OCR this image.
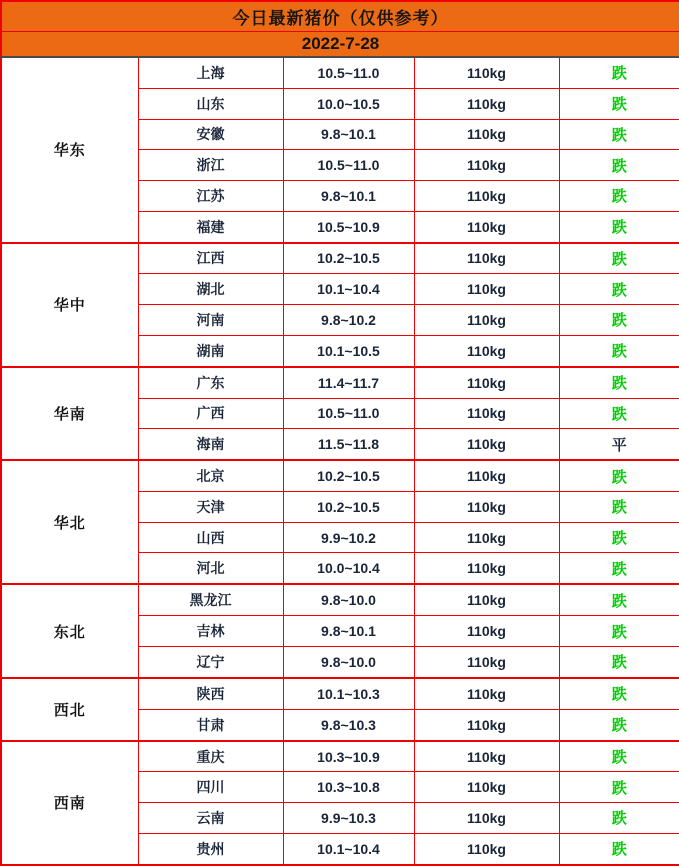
今日最新猪价（仅供参考）				
2022-7-28				
华东	上海	10.5~11.0	110kg	跌
	山东	10.0~10.5	110kg	跌
	安徽	9.8~10.1	110kg	跌
	浙江	10.5~11.0	110kg	跌
	江苏	9.8~10.1	110kg	跌
	福建	10.5~10.9	110kg	跌
华中	江西	10.2~10.5	110kg	跌
	湖北	10.1~10.4	110kg	跌
	河南	9.8~10.2	110kg	跌
	湖南	10.1~10.5	110kg	跌
华南	广东	11.4~11.7	110kg	跌
	广西	10.5~11.0	110kg	跌
	海南	11.5~11.8	110kg	平
华北	北京	10.2~10.5	110kg	跌
	天津	10.2~10.5	110kg	跌
	山西	9.9~10.2	110kg	跌
	河北	10.0~10.4	110kg	跌
东北	黑龙江	9.8~10.0	110kg	跌
	吉林	9.8~10.1	110kg	跌
	辽宁	9.8~10.0	110kg	跌
西北	陕西	10.1~10.3	110kg	跌
	甘肃	9.8~10.3	110kg	跌
西南	重庆	10.3~10.9	110kg	跌
	四川	10.3~10.8	110kg	跌
	云南	9.9~10.3	110kg	跌
	贵州	10.1~10.4	110kg	跌
